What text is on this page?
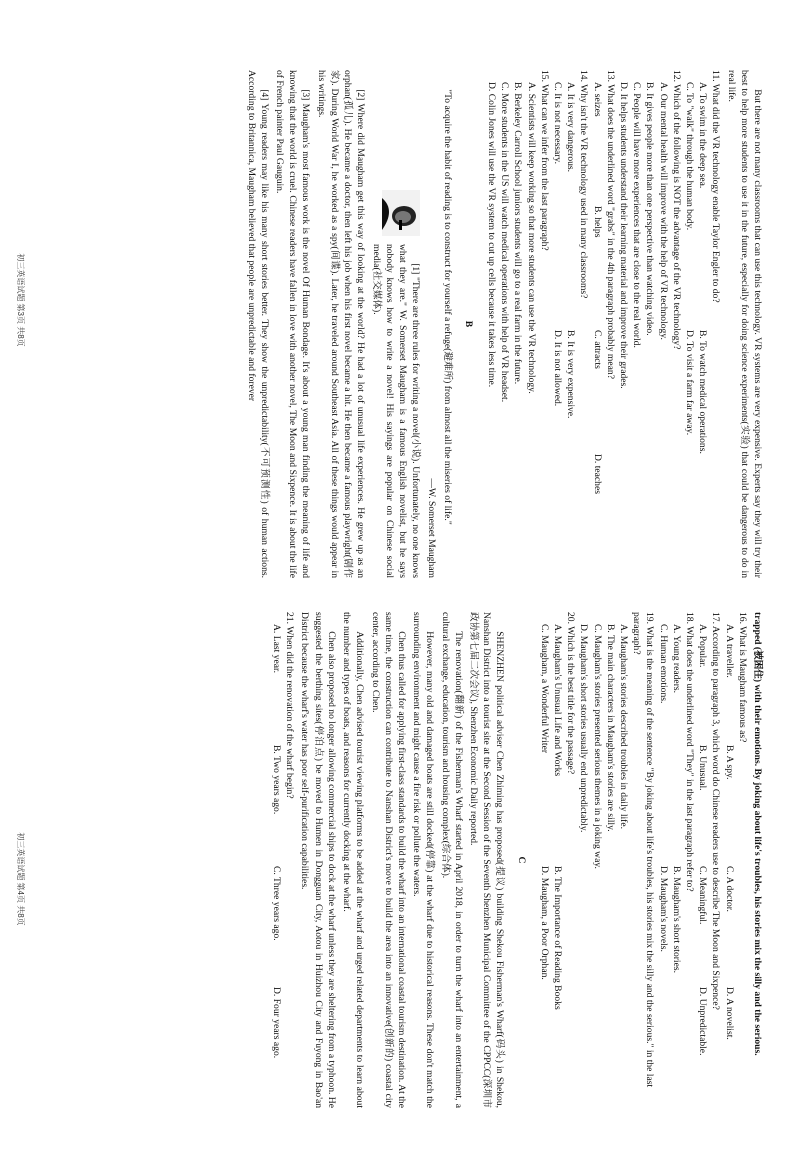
But there are not many classrooms that can use this technology. VR systems are very expensive. Experts say they will try their best to help more students to use it in the future, especially for doing science experiments(实验) that could be dangerous to do in real life.

11. What did the VR technology enable Taylor Engler to do?
A. To swim in the deep sea.
B. To watch medical operations.
C. To "walk" through the human body.
D. To visit a farm far away.
12. Which of the following is NOT the advantage of the VR technology?
A. Our mental health will improve with the help of VR technology.
B. It gives people more than one perspective than watching video.
C. People will have more experiences that are close to the real world.
D. It helps students understand their learning material and improve their grades.
13. What does the underlined word "grabs" in the 4th paragraph probably mean?
A. seizes
B. helps
C. attracts
D. teaches
14. Why isn't the VR technology used in many classrooms?
A. It is very dangerous.
B. It is very expensive.
C. It is not necessary.
D. It is not allowed.
15. What can we infer from the last paragraph?
A. Scientists will keep working so that more students can use the VR technology.
B. Berkeley Carroll School juniors students will go to a real farm in the future.
C. More students in the US will watch medical operations with help of VR headset.
D. Colin Jones will use the VR system to cut up cells because it takes less time.
B

"To acquire the habit of reading is to construct for yourself a refuge(避难所) from almost all the miseries of life."

—W. Somerset Maugham

[1] "There are three rules for writing a novel(小说). Unfortunately, no one knows what they are." W. Somerset Maugham is a famous English novelist, but he says nobody knows how to write a novel! His sayings are popular on Chinese social media(社交媒体).

[2] Where did Maugham get this way of looking at the world? He had a lot of unusual life experiences. He grew up as an orphan(孤儿). He became a doctor, then left his job when his first novel became a hit. He then became a famous playwright(剧作家). During World War I, he worked as a spy(间谍). Later, he traveled around Southeast Asia. All of these things would appear in his writings.

[3] Maugham's most famous work is the novel Of Human Bondage. It's about a young man finding the meaning of life and knowing that the world is cruel. Chinese readers have fallen in love with another novel, The Moon and Sixpence. It is about the life of French painter Paul Gauguin.

[4] Young readers may like his many short stories better. They show the unpredictability(不可预测性) of human actions. According to Britannica, Maugham believed that people are unpredictable and forever

初三英语试题 第3页 共8页

trapped (被困住) with their emotions. By joking about life's troubles, his stories mix the silly and the serious.

16. What is Maugham famous as?
A. A traveller.
B. A spy.
C. A doctor.
D. A novelist.
17. According to paragraph 3, which word do Chinese readers use to describe The Moon and Sixpence?
A. Popular.
B. Unusual.
C. Meaningful.
D. Unpredictable.
18. What does the underlined word "They" in the last paragraph refer to?
A. Young readers.
B. Maugham's short stories.
C. Human emotions.
D. Maugham's novels.
19. What is the meaning of the sentence "By joking about life's troubles, his stories mix the silly and the serious." in the last paragraph?
A. Maugham's stories described troubles in daily life.
B. The main characters in Maugham's stories are silly.
C. Maugham's stories presented serious themes in a joking way.
D. Maugham's short stories usually end unpredictably.
20. Which is the best title for the passage?
A. Maugham's Unusual Life and Works
B. The Importance of Reading Books
C. Maugham, a Wonderful Writer
D. Maugham, a Poor Orphan.
C

SHENZHEN political adviser Chen Zhiming has proposed(提议) building Shekou Fisherman's Wharf(码头) in Shekou, Nanshan District into a tourist site at the Second Session of the Seventh Shenzhen Municipal Committee of the CPPCC(深圳市政协第七届二次会议), Shenzhen Economic Daily reported.

The renovation(翻新) of the Fisherman's Wharf started in April 2018, in order to turn the wharf into an entertainment, a cultural exchange, education, tourism and housing complex(综合体).

However, many old and damaged boats are still docked(停靠) at the wharf due to historical reasons. These don't match the surrounding environment and might cause a fire risk or pollute the waters.

Chen thus called for applying first-class standards to build the wharf into an international coastal tourism destination. At the same time, the construction can contribute to Nanshan District's move to build the area into an innovative(创新的) coastal city center, according to Chen.

Additionally, Chen advised tourist viewing platforms to be added at the wharf and urged related departments to learn about the number and types of boats, and reasons for currently docking at the wharf.

Chen also proposed no longer allowing commercial ships to dock at the wharf unless they are sheltering from a typhoon. He suggested the berthing sites(停泊点) be moved to Humen in Dongguan City, Aotou in Huizhou City and Fuyong in Bao'an District because the wharf's water has poor self-purification capabilities.

21. When did the renovation of the wharf begin?
A. Last year.
B. Two years ago.
C. Three years ago.
D. Four years ago.
初三英语试题 第4页 共8页
